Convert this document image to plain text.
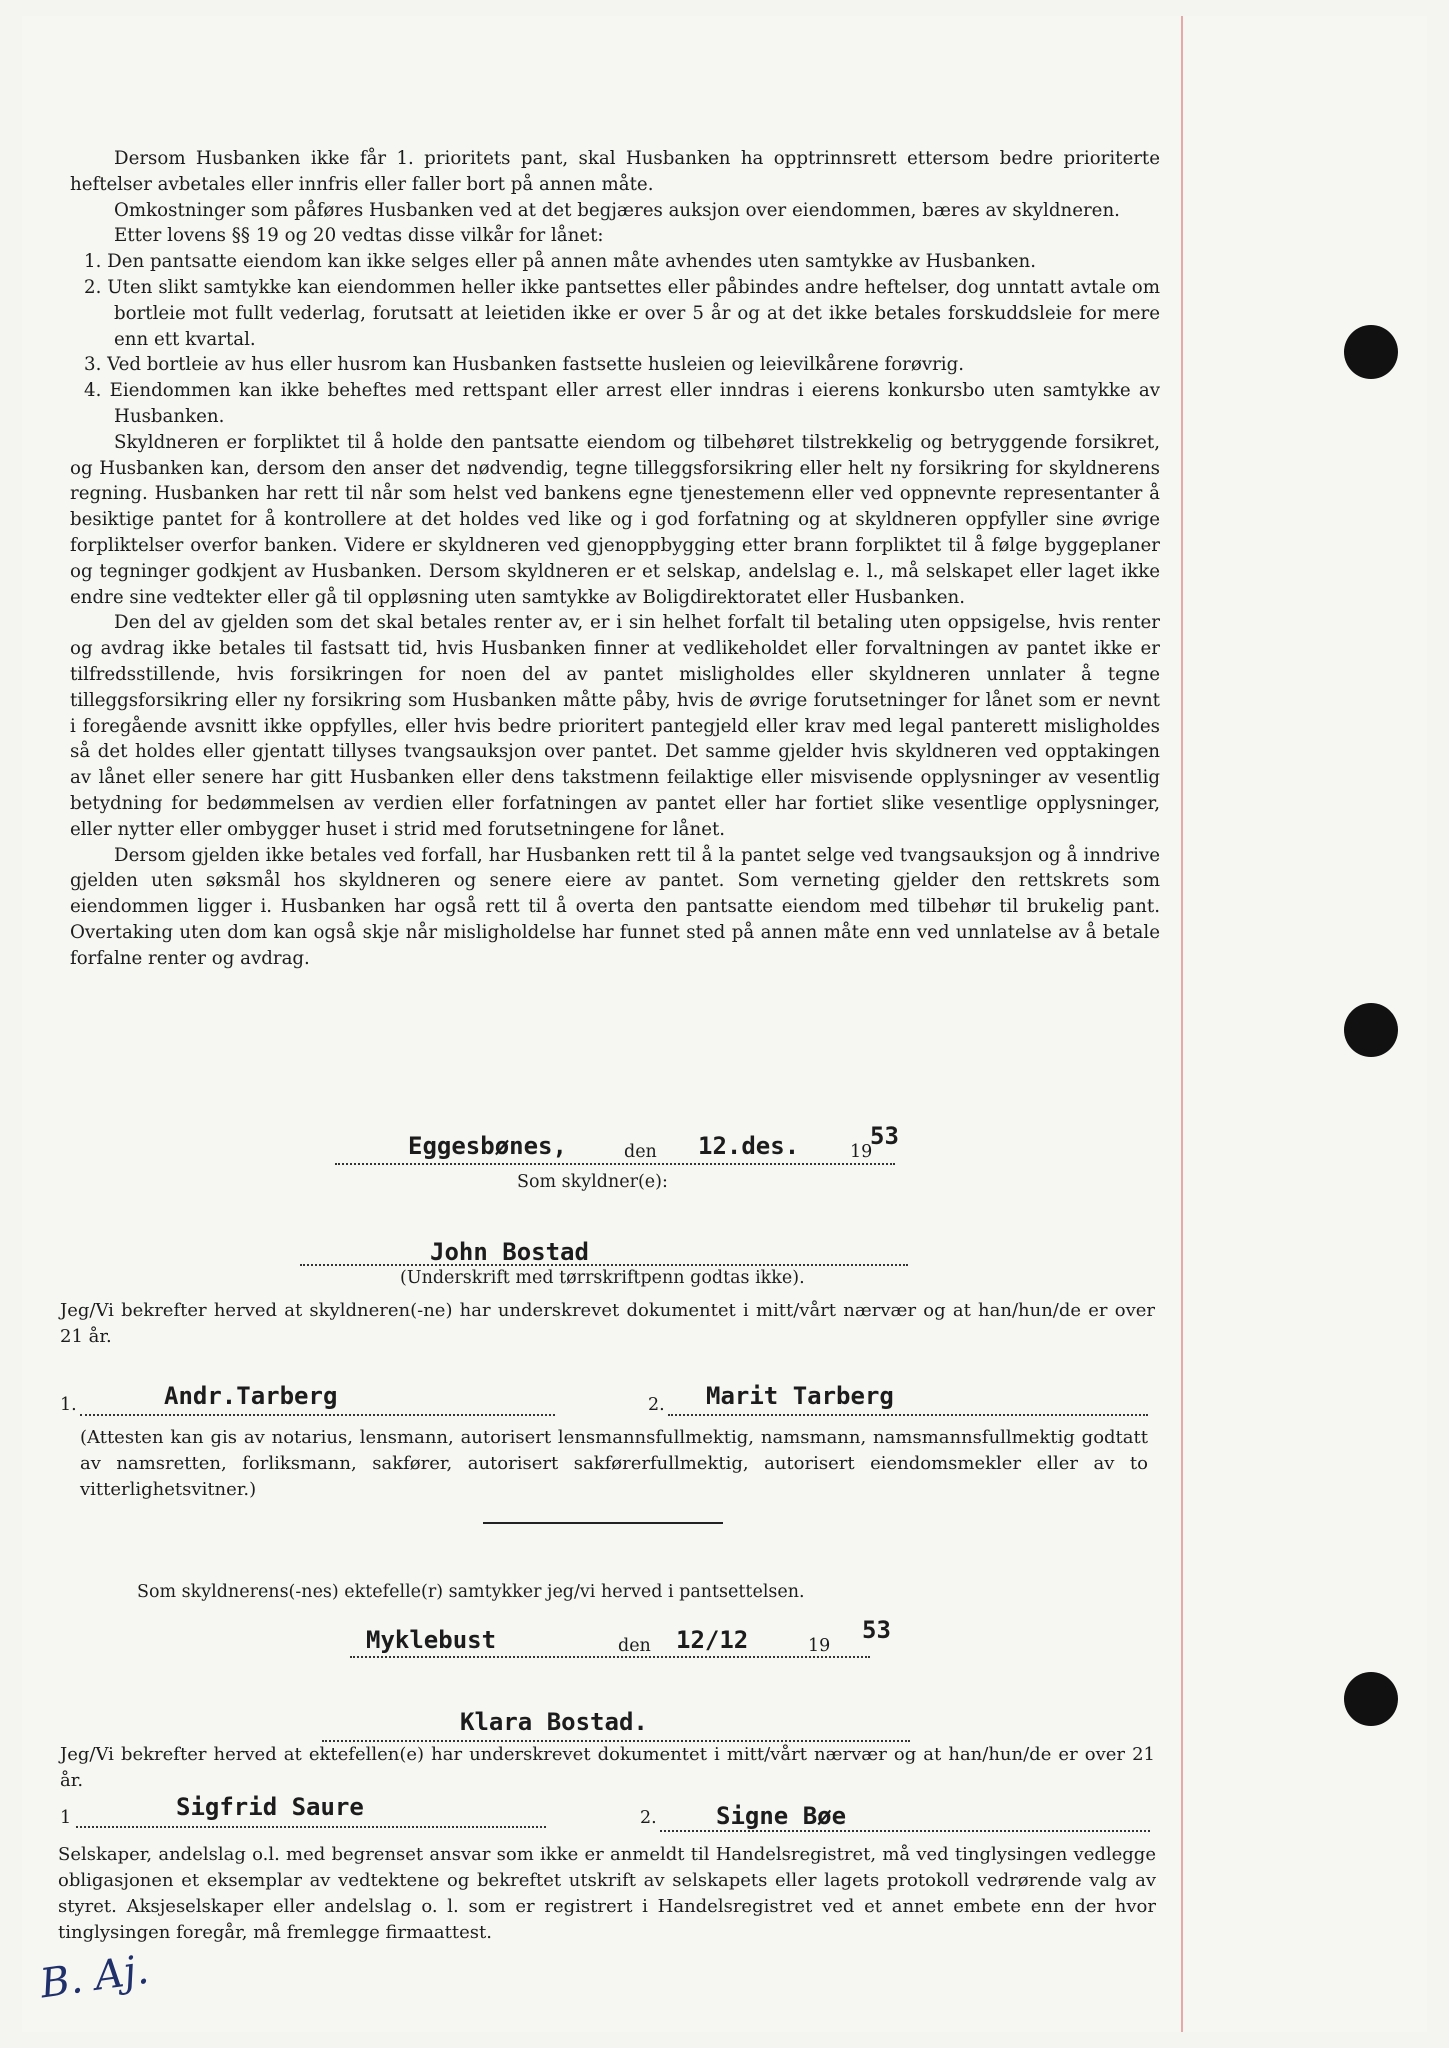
Dersom Husbanken ikke får 1. prioritets pant, skal Husbanken ha opptrinnsrett ettersom bedre prioriterte heftelser avbetales eller innfris eller faller bort på annen måte.

Omkostninger som påføres Husbanken ved at det begjæres auksjon over eiendommen, bæres av skyldneren.

Etter lovens §§ 19 og 20 vedtas disse vilkår for lånet:

1. Den pantsatte eiendom kan ikke selges eller på annen måte avhendes uten samtykke av Husbanken.
2. Uten slikt samtykke kan eiendommen heller ikke pantsettes eller påbindes andre heftelser, dog unntatt avtale om bortleie mot fullt vederlag, forutsatt at leietiden ikke er over 5 år og at det ikke betales forskuddsleie for mere enn ett kvartal.
3. Ved bortleie av hus eller husrom kan Husbanken fastsette husleien og leievilkårene forøvrig.
4. Eiendommen kan ikke beheftes med rettspant eller arrest eller inndras i eierens konkursbo uten samtykke av Husbanken.

Skyldneren er forpliktet til å holde den pantsatte eiendom og tilbehøret tilstrekkelig og betryggende forsikret, og Husbanken kan, dersom den anser det nødvendig, tegne tilleggsforsikring eller helt ny forsikring for skyldnerens regning. Husbanken har rett til når som helst ved bankens egne tjenestemenn eller ved oppnevnte representanter å besiktige pantet for å kontrollere at det holdes ved like og i god forfatning og at skyldneren oppfyller sine øvrige forpliktelser overfor banken. Videre er skyldneren ved gjenoppbygging etter brann forpliktet til å følge byggeplaner og tegninger godkjent av Husbanken. Dersom skyldneren er et selskap, andelslag e. l., må selskapet eller laget ikke endre sine vedtekter eller gå til oppløsning uten samtykke av Boligdirektoratet eller Husbanken.

Den del av gjelden som det skal betales renter av, er i sin helhet forfalt til betaling uten oppsigelse, hvis renter og avdrag ikke betales til fastsatt tid, hvis Husbanken finner at vedlikeholdet eller forvaltningen av pantet ikke er tilfredsstillende, hvis forsikringen for noen del av pantet misligholdes eller skyldneren unnlater å tegne tilleggsforsikring eller ny forsikring som Husbanken måtte påby, hvis de øvrige forutsetninger for lånet som er nevnt i foregående avsnitt ikke oppfylles, eller hvis bedre prioritert pantegjeld eller krav med legal panterett misligholdes så det holdes eller gjentatt tillyses tvangsauksjon over pantet. Det samme gjelder hvis skyldneren ved opptakingen av lånet eller senere har gitt Husbanken eller dens takstmenn feilaktige eller misvisende opplysninger av vesentlig betydning for bedømmelsen av verdien eller forfatningen av pantet eller har fortiet slike vesentlige opplysninger, eller nytter eller ombygger huset i strid med forutsetningene for lånet.

Dersom gjelden ikke betales ved forfall, har Husbanken rett til å la pantet selge ved tvangsauksjon og å inndrive gjelden uten søksmål hos skyldneren og senere eiere av pantet. Som verneting gjelder den rettskrets som eiendommen ligger i. Husbanken har også rett til å overta den pantsatte eiendom med tilbehør til brukelig pant. Overtaking uten dom kan også skje når misligholdelse har funnet sted på annen måte enn ved unnlatelse av å betale forfalne renter og avdrag.

Eggesbønes,	den 12.des.	19
53
Som skyldner(e):
John Bostad
(Underskrift med tørrskriftpenn godtas ikke).
Jeg/Vi bekrefter herved at skyldneren(-ne) har underskrevet dokumentet i mitt/vårt nærvær og at han/hun/de er over 21 år.
1.	Andr.Tarberg	2. Marit Tarberg
(Attesten kan gis av notarius, lensmann, autorisert lensmannsfullmektig, namsmann, namsmannsfullmektig godtatt av namsretten, forliksmann, sakfører, autorisert sakførerfullmektig, autorisert eiendomsmekler eller av to vitterlighetsvitner.)
Som skyldnerens(-nes) ektefelle(r) samtykker jeg/vi herved i pantsettelsen.
Myklebust	den 12/12	19
53
Klara Bostad.
Jeg/Vi bekrefter herved at ektefellen(e) har underskrevet dokumentet i mitt/vårt nærvær og at han/hun/de er over 21 år.
1	Sigfrid Saure	2. Signe Bøe
Selskaper, andelslag o.l. med begrenset ansvar som ikke er anmeldt til Handelsregistret, må ved tinglysingen vedlegge obligasjonen et eksemplar av vedtektene og bekreftet utskrift av selskapets eller lagets protokoll vedrørende valg av styret. Aksjeselskaper eller andelslag o. l. som er registrert i Handelsregistret ved et annet embete enn der hvor tinglysingen foregår, må fremlegge firmaattest.
B. Aj.
